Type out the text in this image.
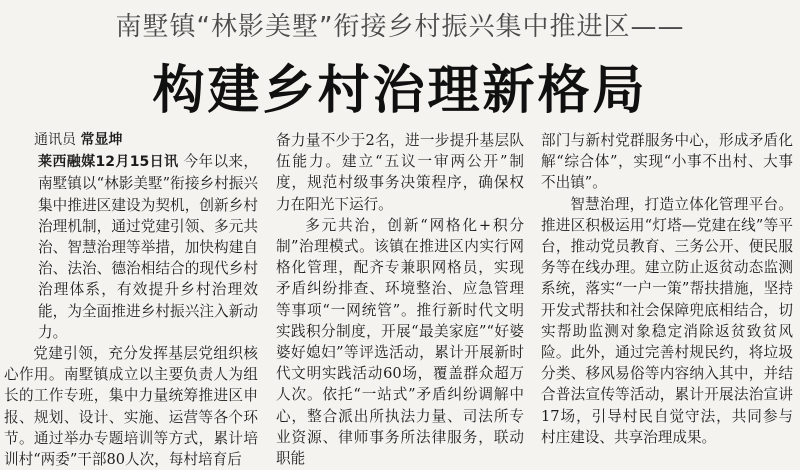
南墅镇“林影美墅”衔接乡村振兴集中推进区——
构建乡村治理新格局

通讯员 常显坤

莱西融媒12月15日讯 今年以来，南墅镇以“林影美墅”衔接乡村振兴集中推进区建设为契机，创新乡村治理机制，通过党建引领、多元共治、智慧治理等举措，加快构建自治、法治、德治相结合的现代乡村治理体系，有效提升乡村治理效能，为全面推进乡村振兴注入新动力。

党建引领，充分发挥基层党组织核心作用。南墅镇成立以主要负责人为组长的工作专班，集中力量统筹推进区申报、规划、设计、实施、运营等各个环节。通过举办专题培训等方式，累计培训村“两委”干部80人次，每村培育后

备力量不少于2名，进一步提升基层队伍能力。建立“五议一审两公开”制度，规范村级事务决策程序，确保权力在阳光下运行。

多元共治，创新“网格化+积分制”治理模式。该镇在推进区内实行网格化管理，配齐专兼职网格员，实现矛盾纠纷排查、环境整治、应急管理等事项“一网统管”。推行新时代文明实践积分制度，开展“最美家庭”“好婆婆好媳妇”等评选活动，累计开展新时代文明实践活动60场，覆盖群众超万人次。依托“一站式”矛盾纠纷调解中心，整合派出所执法力量、司法所专业资源、律师事务所法律服务，联动职能

部门与新村党群服务中心，形成矛盾化解“综合体”，实现“小事不出村、大事不出镇”。

智慧治理，打造立体化管理平台。推进区积极运用“灯塔—党建在线”等平台，推动党员教育、三务公开、便民服务等在线办理。建立防止返贫动态监测系统，落实“一户一策”帮扶措施，坚持开发式帮扶和社会保障兜底相结合，切实帮助监测对象稳定消除返贫致贫风险。此外，通过完善村规民约，将垃圾分类、移风易俗等内容纳入其中，并结合普法宣传等活动，累计开展法治宣讲17场，引导村民自觉守法，共同参与村庄建设、共享治理成果。
